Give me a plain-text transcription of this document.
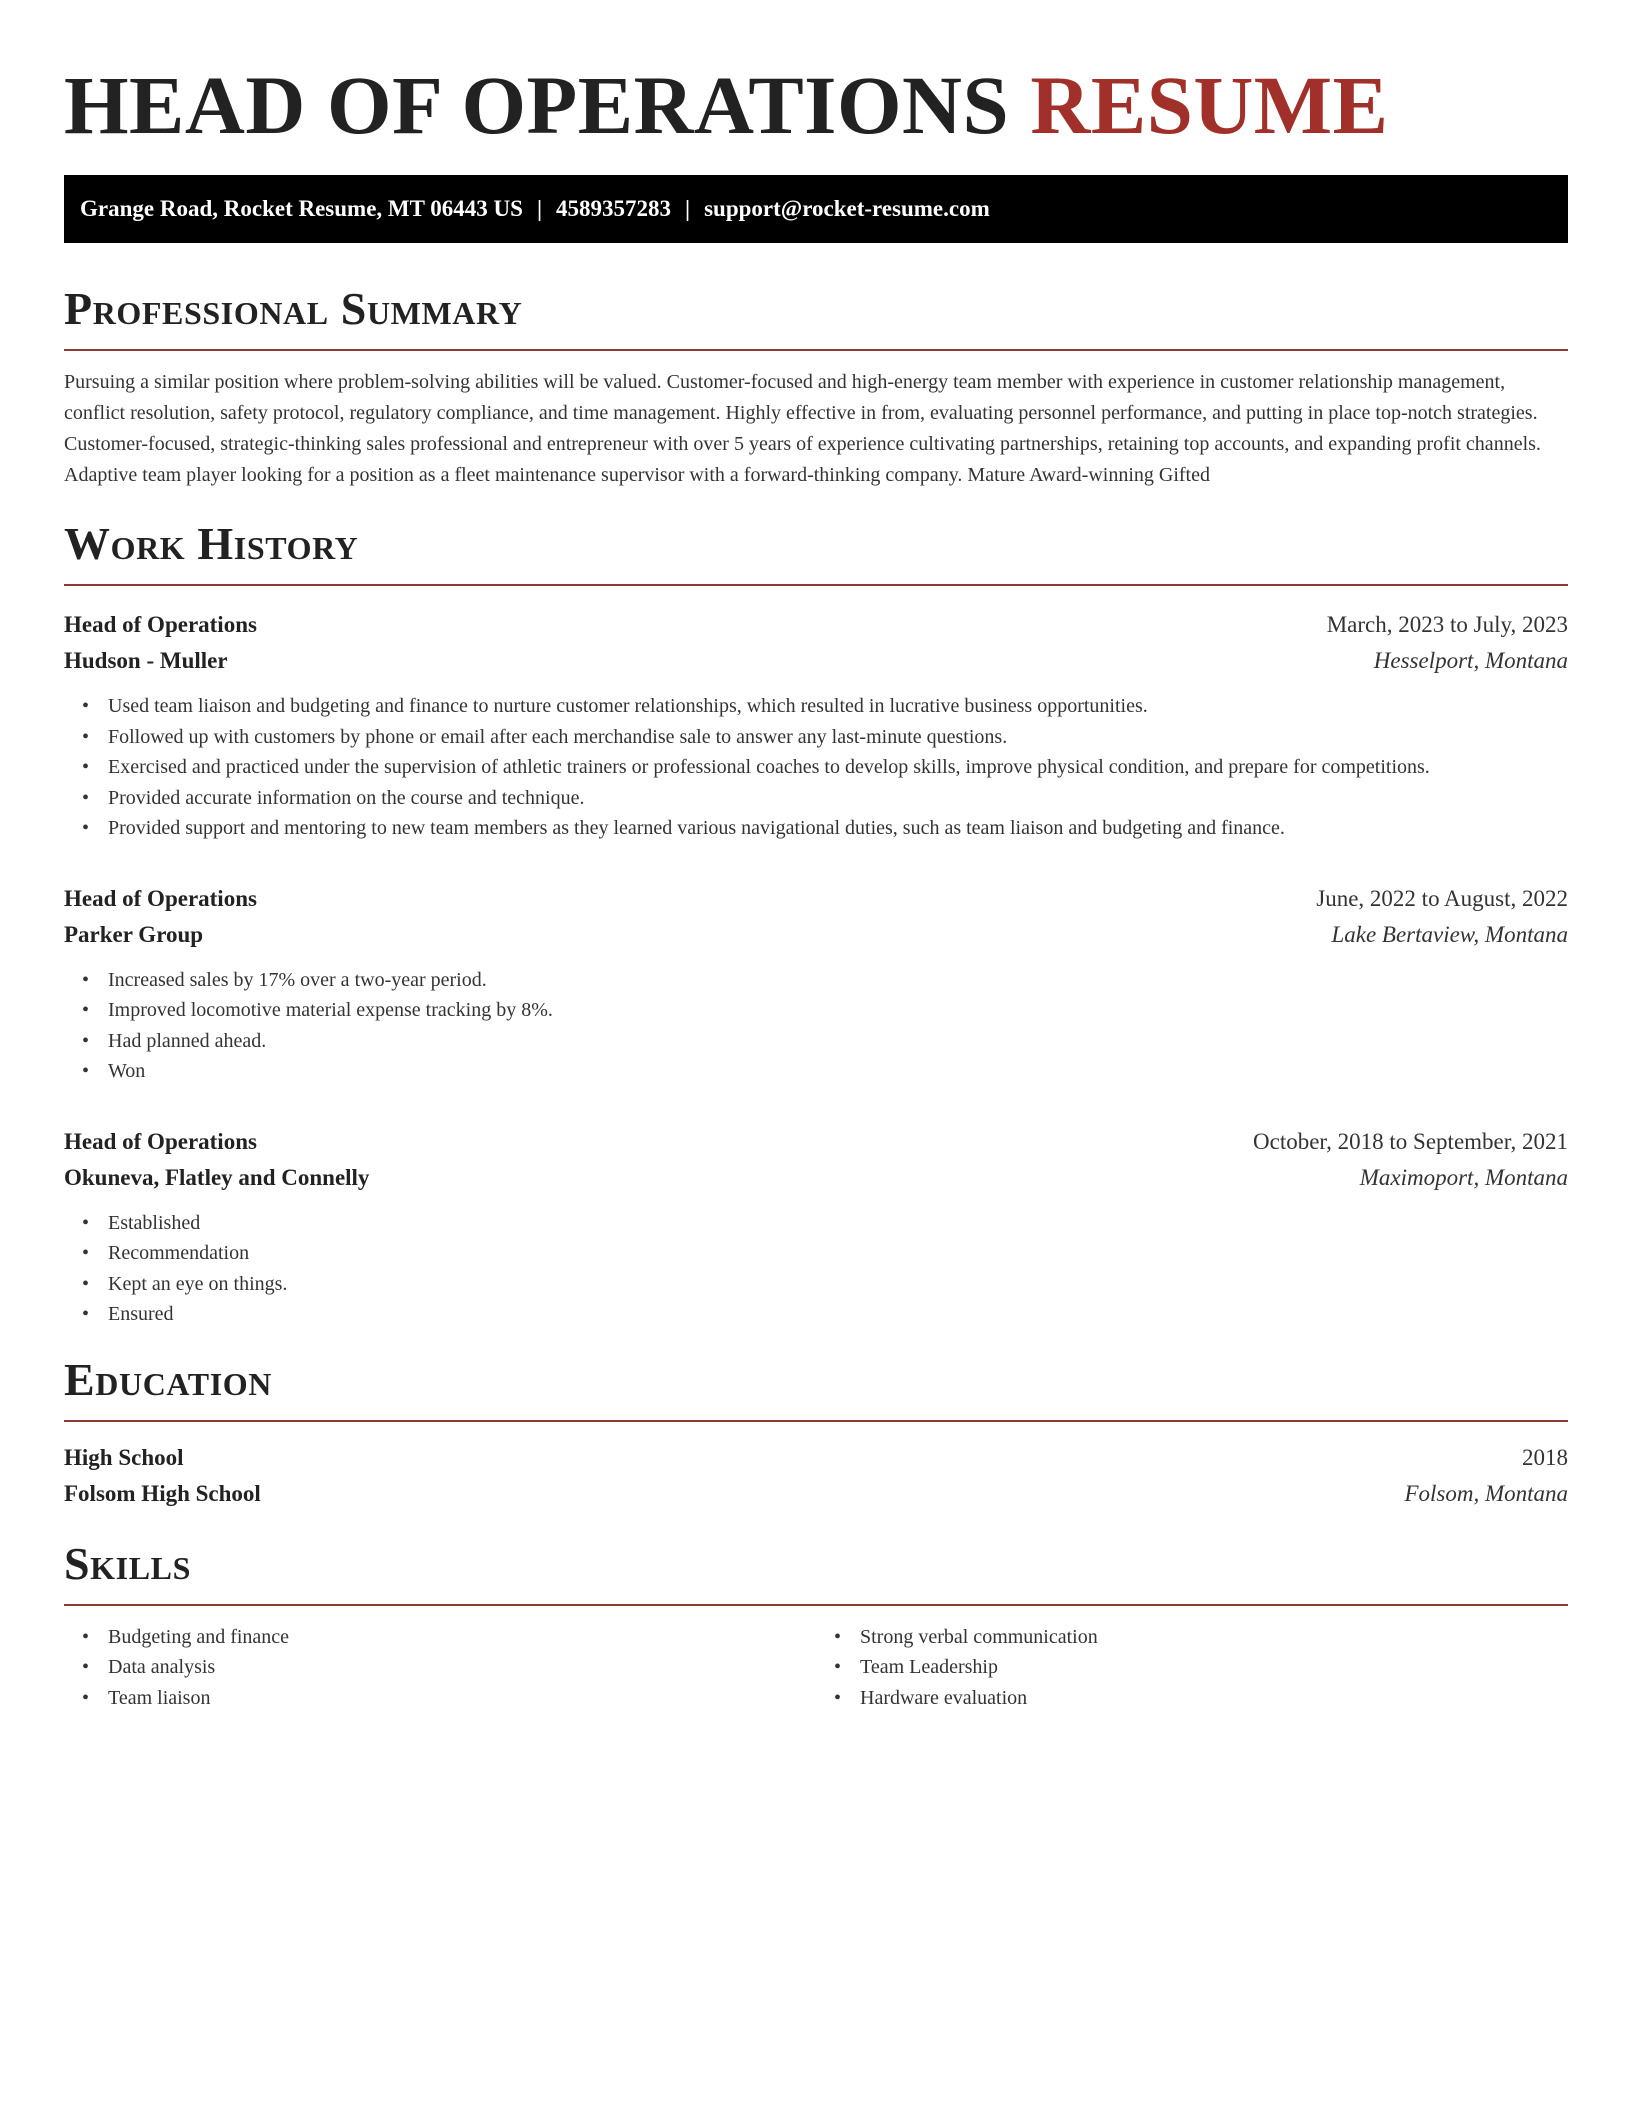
HEAD OF OPERATIONS RESUME
Grange Road, Rocket Resume, MT 06443 US | 4589357283 | support@rocket-resume.com
Professional Summary

Pursuing a similar position where problem-solving abilities will be valued. Customer-focused and high-energy team member with experience in customer relationship management, conflict resolution, safety protocol, regulatory compliance, and time management. Highly effective in from, evaluating personnel performance, and putting in place top-notch strategies. Customer-focused, strategic-thinking sales professional and entrepreneur with over 5 years of experience cultivating partnerships, retaining top accounts, and expanding profit channels. Adaptive team player looking for a position as a fleet maintenance supervisor with a forward-thinking company. Mature Award-winning Gifted

Work History
Head of Operations	March, 2023 to July, 2023
Hudson - Muller	Hesselport, Montana
• Used team liaison and budgeting and finance to nurture customer relationships, which resulted in lucrative business opportunities.
• Followed up with customers by phone or email after each merchandise sale to answer any last-minute questions.
• Exercised and practiced under the supervision of athletic trainers or professional coaches to develop skills, improve physical condition, and prepare for competitions.
• Provided accurate information on the course and technique.
• Provided support and mentoring to new team members as they learned various navigational duties, such as team liaison and budgeting and finance.
Head of Operations	June, 2022 to August, 2022
Parker Group	Lake Bertaview, Montana
• Increased sales by 17% over a two-year period.
• Improved locomotive material expense tracking by 8%.
• Had planned ahead.
• Won
Head of Operations	October, 2018 to September, 2021
Okuneva, Flatley and Connelly	Maximoport, Montana
• Established
• Recommendation
• Kept an eye on things.
• Ensured
Education
High School	2018
Folsom High School	Folsom, Montana
Skills
• Budgeting and finance
• Data analysis
• Team liaison
• Strong verbal communication
• Team Leadership
• Hardware evaluation
